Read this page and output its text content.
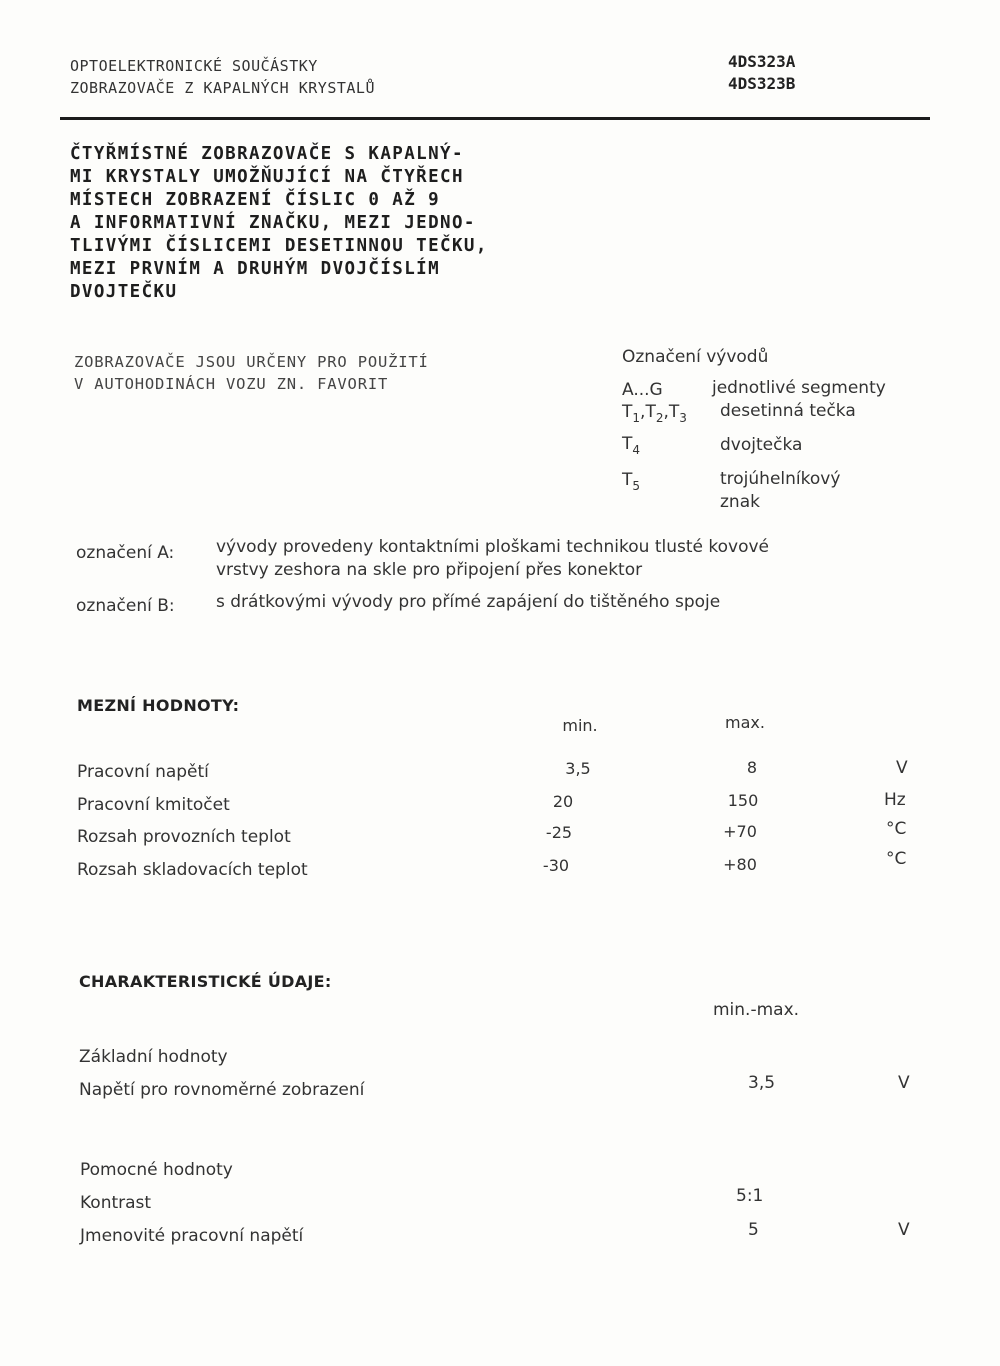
OPTOELEKTRONICKÉ SOUČÁSTKY
ZOBRAZOVAČE Z KAPALNÝCH KRYSTALŮ
4DS323A
4DS323B
ČTYŘMÍSTNÉ ZOBRAZOVAČE S KAPALNÝ-
MI KRYSTALY UMOŽŇUJÍCÍ NA ČTYŘECH
MÍSTECH ZOBRAZENÍ ČÍSLIC 0 AŽ 9
A INFORMATIVNÍ ZNAČKU, MEZI JEDNO-
TLIVÝMI ČÍSLICEMI DESETINNOU TEČKU,
MEZI PRVNÍM A DRUHÝM DVOJČÍSLÍM
DVOJTEČKU
ZOBRAZOVAČE JSOU URČENY PRO POUŽITÍ
V AUTOHODINÁCH VOZU ZN. FAVORIT
Označení vývodů
A...G	jednotlivé segmenty
$T_1,T_2,T_3$ desetinná tečka
$T_4$	dvojtečka
$T_5$	trojúhelníkový
znak
označení A: vývody provedeny kontaktními ploškami technikou tlusté kovové
vrstvy zeshora na skle pro připojení přes konektor
označení B: s drátkovými vývody pro přímé zapájení do tištěného spoje
MEZNÍ HODNOTY:
min.	max.
Pracovní napětí	3,5	8	V
Pracovní kmitočet	20	150	Hz
Rozsah provozních teplot	-25	+70	°C
Rozsah skladovacích teplot	-30	+80	°C
CHARAKTERISTICKÉ ÚDAJE:
min.-max.
Základní hodnoty
Napětí pro rovnoměrné zobrazení	3,5	V
Pomocné hodnoty
Kontrast	5:1
Jmenovité pracovní napětí	5	V
